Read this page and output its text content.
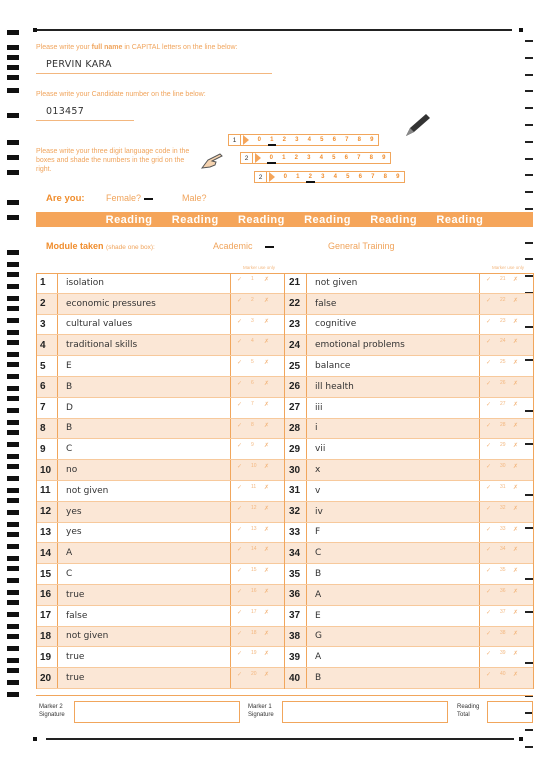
Please write your full name in CAPITAL letters on the line below:
PERVIN KARA
Please write your Candidate number on the line below:
013457
Please write your three digit language code in the boxes and shade the numbers in the grid on the right.
1	0	1	2	3	4	5	6	7	8	9
2	0	1	2	3	4	5	6	7	8	9
2	0	1	2	3	4	5	6	7	8	9
Are you: Female?	Male?
Reading Reading Reading Reading Reading Reading
Module taken (shade one box):	Academic	General Training
Marker use only	Marker use only
1	isolation	✓ 1 ✗
2	economic pressures	✓ 2 ✗
3	cultural values	✓ 3 ✗
4	traditional skills	✓ 4 ✗
5	E	✓ 5 ✗
6	B	✓ 6 ✗
7	D	✓ 7 ✗
8	B	✓ 8 ✗
9	C	✓ 9 ✗
10	no	✓ 10 ✗
11	not given	✓ 11 ✗
12	yes	✓ 12 ✗
13	yes	✓ 13 ✗
14	A	✓ 14 ✗
15	C	✓ 15 ✗
16	true	✓ 16 ✗
17	false	✓ 17 ✗
18	not given	✓ 18 ✗
19	true	✓ 19 ✗
20	true	✓ 20 ✗
21	not given	✓ 21 ✗
22	false	✓ 22 ✗
23	cognitive	✓ 23 ✗
24	emotional problems	✓ 24 ✗
25	balance	✓ 25 ✗
26	ill health	✓ 26 ✗
27	iii	✓ 27 ✗
28	i	✓ 28 ✗
29	vii	✓ 29 ✗
30	x	✓ 30 ✗
31	v	✓ 31 ✗
32	iv	✓ 32 ✗
33	F	✓ 33 ✗
34	C	✓ 34 ✗
35	B	✓ 35 ✗
36	A	✓ 36 ✗
37	E	✓ 37 ✗
38	G	✓ 38 ✗
39	A	✓ 39 ✗
40	B	✓ 40 ✗
Marker 2
Signature
Marker 1
Signature
Reading
Total
